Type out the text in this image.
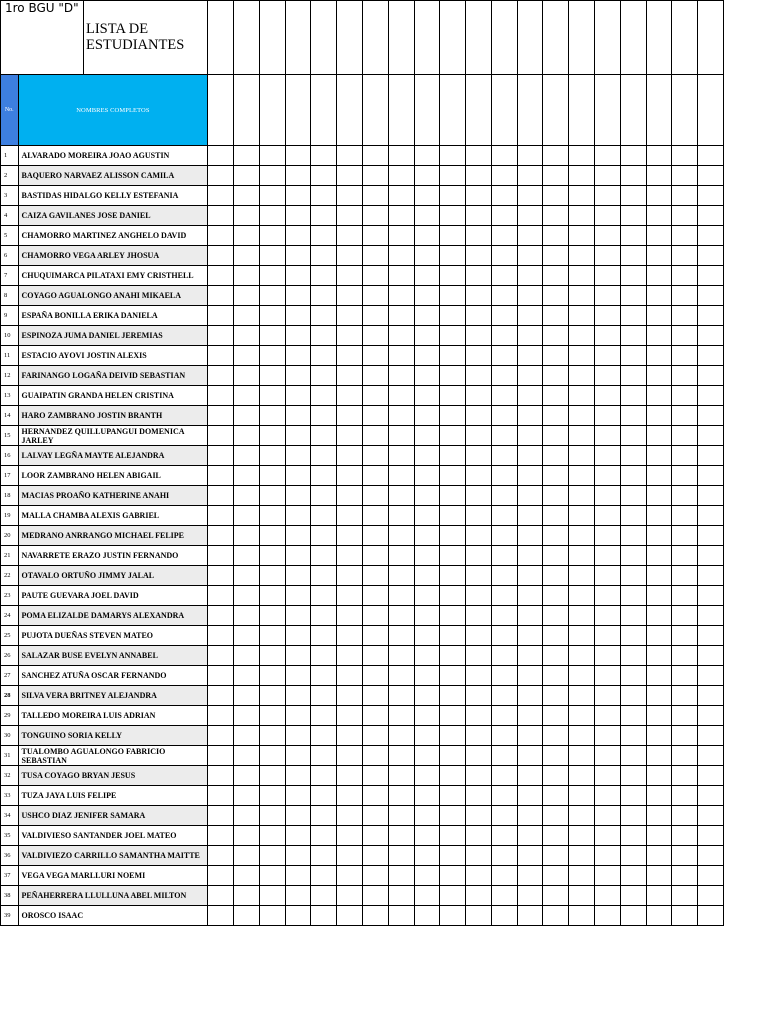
1ro BGU "D"
LISTA DE ESTUDIANTES																					

No.	NOMBRES COMPLETOS																				
1	ALVARADO MOREIRA JOAO AGUSTIN																				
2	BAQUERO NARVAEZ ALISSON CAMILA																				
3	BASTIDAS HIDALGO KELLY ESTEFANIA																				
4	CAIZA GAVILANES JOSE DANIEL																				
5	CHAMORRO MARTINEZ ANGHELO DAVID																				
6	CHAMORRO VEGA ARLEY JHOSUA																				
7	CHUQUIMARCA PILATAXI EMY CRISTHELL																				
8	COYAGO AGUALONGO ANAHI MIKAELA																				
9	ESPAÑA BONILLA ERIKA DANIELA																				
10	ESPINOZA JUMA DANIEL JEREMIAS																				
11	ESTACIO AYOVI JOSTIN ALEXIS																				
12	FARINANGO LOGAÑA DEIVID SEBASTIAN																				
13	GUAIPATIN GRANDA HELEN CRISTINA																				
14	HARO ZAMBRANO JOSTIN BRANTH																				
15	HERNANDEZ QUILLUPANGUI DOMENICA JARLEY																				
16	LALVAY LEGÑA MAYTE ALEJANDRA																				
17	LOOR ZAMBRANO HELEN ABIGAIL																				
18	MACIAS PROAÑO KATHERINE ANAHI																				
19	MALLA CHAMBA ALEXIS GABRIEL																				
20	MEDRANO ANRRANGO MICHAEL FELIPE																				
21	NAVARRETE ERAZO JUSTIN FERNANDO																				
22	OTAVALO ORTUÑO JIMMY JALAL																				
23	PAUTE GUEVARA JOEL DAVID																				
24	POMA ELIZALDE DAMARYS ALEXANDRA																				
25	PUJOTA DUEÑAS STEVEN MATEO																				
26	SALAZAR BUSE EVELYN ANNABEL																				
27	SANCHEZ ATUÑA OSCAR FERNANDO																				
28	SILVA VERA BRITNEY ALEJANDRA																				
29	TALLEDO MOREIRA LUIS ADRIAN																				
30	TONGUINO SORIA KELLY																				
31	TUALOMBO AGUALONGO FABRICIO SEBASTIAN																				
32	TUSA COYAGO BRYAN JESUS																				
33	TUZA JAYA LUIS FELIPE																				
34	USHCO DIAZ JENIFER SAMARA																				
35	VALDIVIESO SANTANDER JOEL MATEO																				
36	VALDIVIEZO CARRILLO SAMANTHA MAITTE																				
37	VEGA VEGA MARLLURI NOEMI																				
38	PEÑAHERRERA LLULLUNA ABEL MILTON																				
39	OROSCO ISAAC																				
